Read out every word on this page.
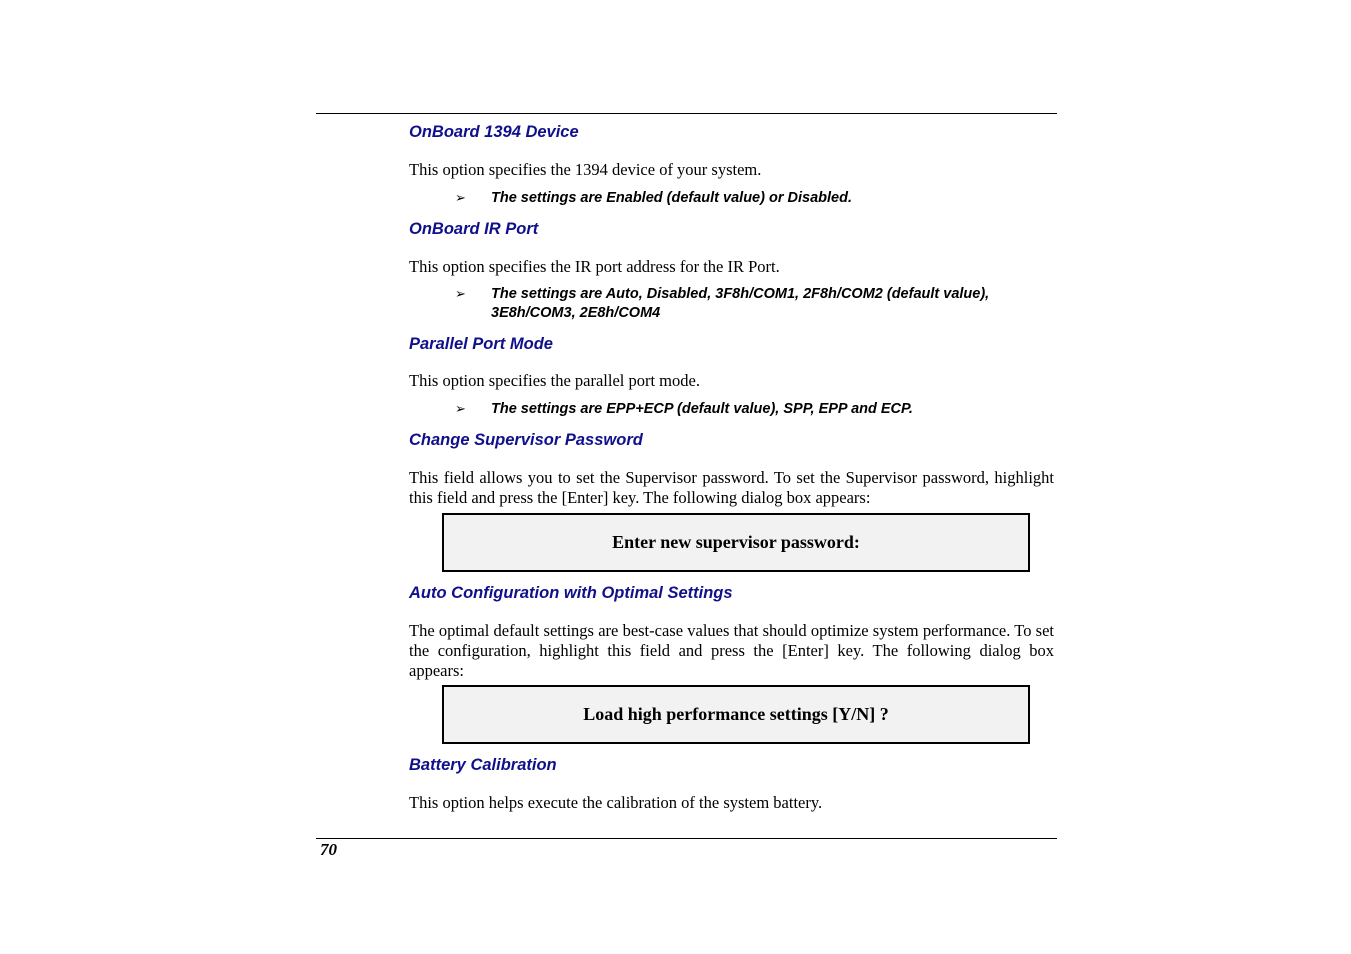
OnBoard 1394 Device
This option specifies the 1394 device of your system.
➢ The settings are Enabled (default value) or Disabled.
OnBoard IR Port
This option specifies the IR port address for the IR Port.
➢ The settings are Auto, Disabled, 3F8h/COM1, 2F8h/COM2 (default value), 3E8h/COM3, 2E8h/COM4
Parallel Port Mode
This option specifies the parallel port mode.
➢ The settings are EPP+ECP (default value), SPP, EPP and ECP.
Change Supervisor Password
This field allows you to set the Supervisor password. To set the Supervisor password, highlight this field and press the [Enter] key. The following dialog box appears:
Enter new supervisor password:
Auto Configuration with Optimal Settings
The optimal default settings are best-case values that should optimize system performance. To set the configuration, highlight this field and press the [Enter] key. The following dialog box appears:
Load high performance settings [Y/N] ?
Battery Calibration
This option helps execute the calibration of the system battery.
70
